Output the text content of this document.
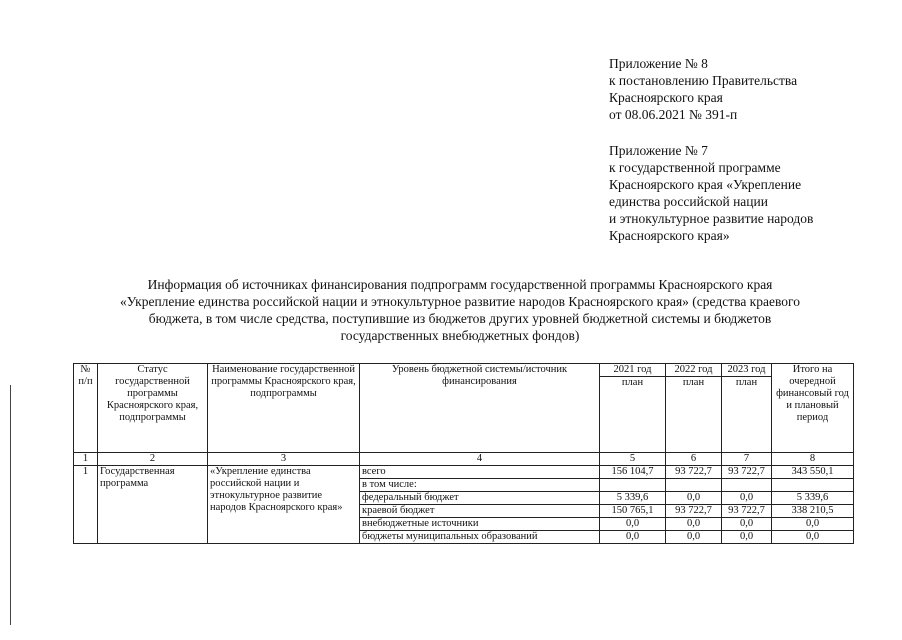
Приложение № 8
к постановлению Правительства
Красноярского края
от 08.06.2021 № 391-п
Приложение № 7
к государственной программе
Красноярского края «Укрепление
единства российской нации
и этнокультурное развитие народов
Красноярского края»
Информация об источниках финансирования подпрограмм государственной программы Красноярского края
«Укрепление единства российской нации и этнокультурное развитие народов Красноярского края» (средства краевого
бюджета, в том числе средства, поступившие из бюджетов других уровней бюджетной системы и бюджетов
государственных внебюджетных фондов)
№ п/п	Статус государственной программы Красноярского края, подпрограммы	Наименование государственной программы Красноярского края, подпрограммы	Уровень бюджетной системы/источник финансирования	2021 год	2022 год	2023 год	Итого на очередной финансовый год и плановый период
				план	план	план	
1	2	3	4	5	6	7	8
1	Государственная программа	«Укрепление единства российской нации и этнокультурное развитие народов Красноярского края»	всего	156 104,7	93 722,7	93 722,7	343 550,1
			в том числе:				
			федеральный бюджет	5 339,6	0,0	0,0	5 339,6
			краевой бюджет	150 765,1	93 722,7	93 722,7	338 210,5
			внебюджетные источники	0,0	0,0	0,0	0,0
			бюджеты муниципальных образований	0,0	0,0	0,0	0,0
